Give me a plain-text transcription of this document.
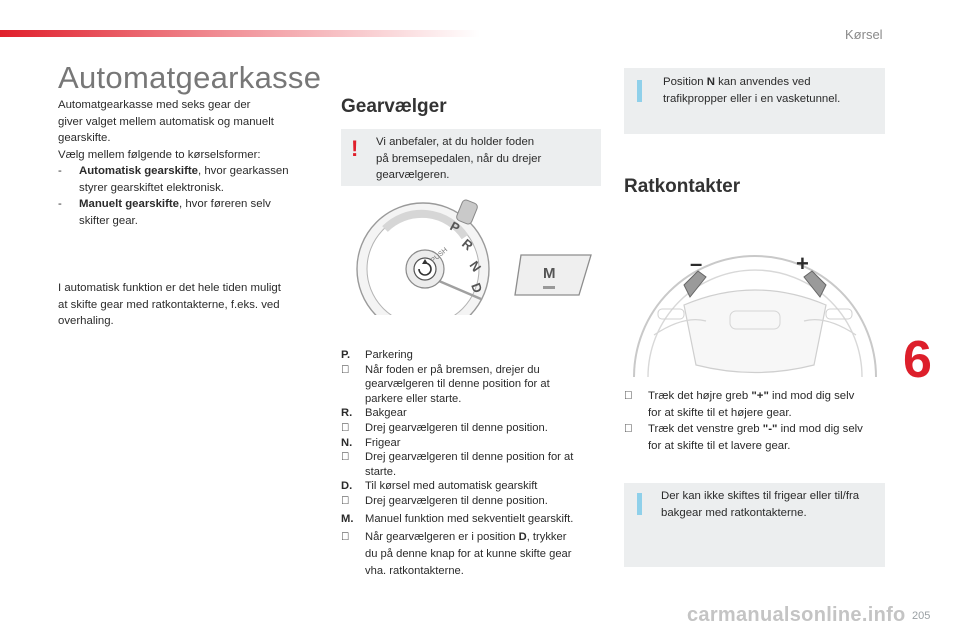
Kørsel
Automatgearkasse
Automatgearkasse med seks gear der
giver valget mellem automatisk og manuelt
gearskifte.
Vælg mellem følgende to kørselsformer:
- Automatisk gearskifte, hvor gearkassen
styrer gearskiftet elektronisk.
- Manuelt gearskifte, hvor føreren selv
skifter gear.
I automatisk funktion er det hele tiden muligt
at skifte gear med ratkontakterne, f.eks. ved
overhaling.
Gearvælger
! Vi anbefaler, at du holder foden
på bremsepedalen, når du drejer
gearvælgeren.
PUSH
P
R
N
D
M
P.	Parkering
Når foden er på bremsen, drejer du
gearvælgeren til denne position for at
parkere eller starte.
R.	Bakgear
Drej gearvælgeren til denne position.
N.	Frigear
Drej gearvælgeren til denne position for at
starte.
D.	Til kørsel med automatisk gearskift
Drej gearvælgeren til denne position.
M.	Manuel funktion med sekventielt gearskift.
Når gearvælgeren er i position D, trykker
du på denne knap for at kunne skifte gear
vha. ratkontakterne.
Position N kan anvendes ved
trafikpropper eller i en vasketunnel.
Ratkontakter
–	+
Træk det højre greb "+" ind mod dig selv
for at skifte til et højere gear.
Træk det venstre greb "-" ind mod dig selv
for at skifte til et lavere gear.
Der kan ikke skiftes til frigear eller til/fra
bakgear med ratkontakterne.
6
205
carmanualsonline.info
